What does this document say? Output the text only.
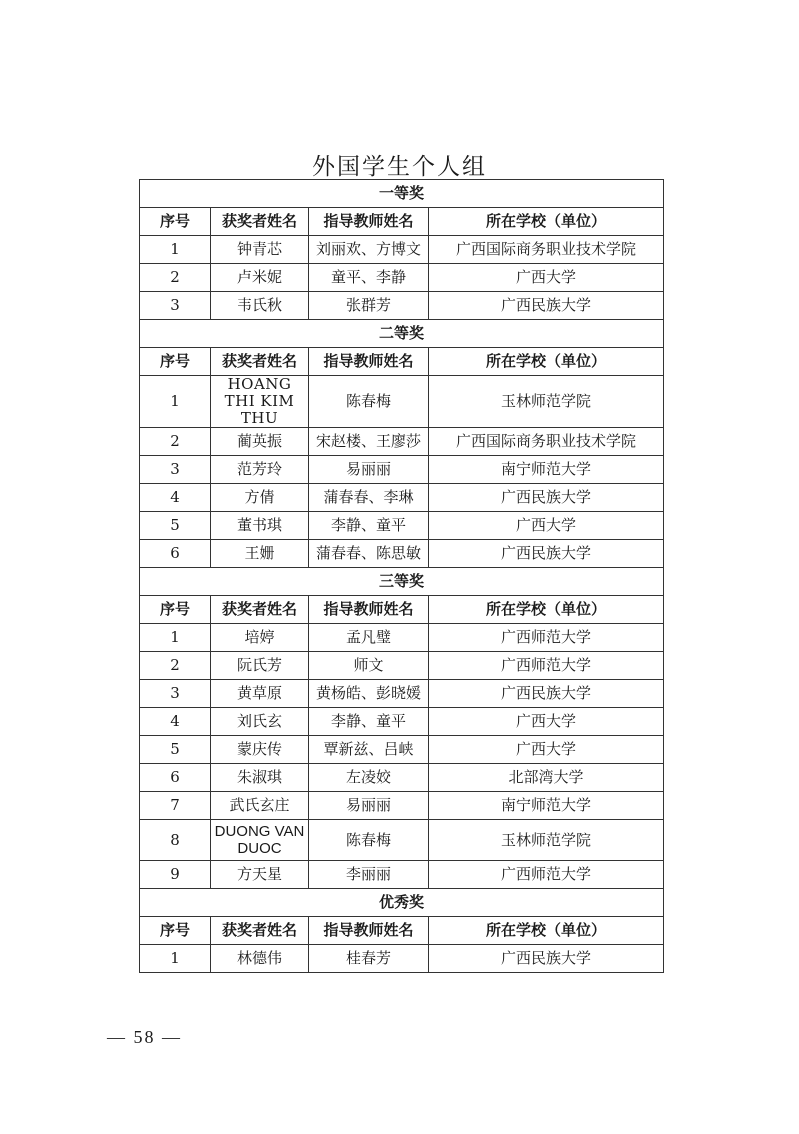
外国学生个人组
一等奖			
序号	获奖者姓名	指导教师姓名	所在学校（单位）
1	钟青芯	刘丽欢、方博文	广西国际商务职业技术学院
2	卢米妮	童平、李静	广西大学
3	韦氏秋	张群芳	广西民族大学
二等奖			
序号	获奖者姓名	指导教师姓名	所在学校（单位）
1	HOANG THI KIM THU	陈春梅	玉林师范学院
2	蔺英振	宋赵楼、王廖莎	广西国际商务职业技术学院
3	范芳玲	易丽丽	南宁师范大学
4	方倩	蒲春春、李琳	广西民族大学
5	董书琪	李静、童平	广西大学
6	王姗	蒲春春、陈思敏	广西民族大学
三等奖			
序号	获奖者姓名	指导教师姓名	所在学校（单位）
1	培婷	孟凡璧	广西师范大学
2	阮氏芳	师文	广西师范大学
3	黄草原	黄杨皓、彭晓媛	广西民族大学
4	刘氏玄	李静、童平	广西大学
5	蒙庆传	覃新兹、吕峡	广西大学
6	朱淑琪	左凌姣	北部湾大学
7	武氏玄庄	易丽丽	南宁师范大学
8	DUONG VAN DUOC	陈春梅	玉林师范学院
9	方天星	李丽丽	广西师范大学
优秀奖			
序号	获奖者姓名	指导教师姓名	所在学校（单位）
1	林德伟	桂春芳	广西民族大学
— 58 —
